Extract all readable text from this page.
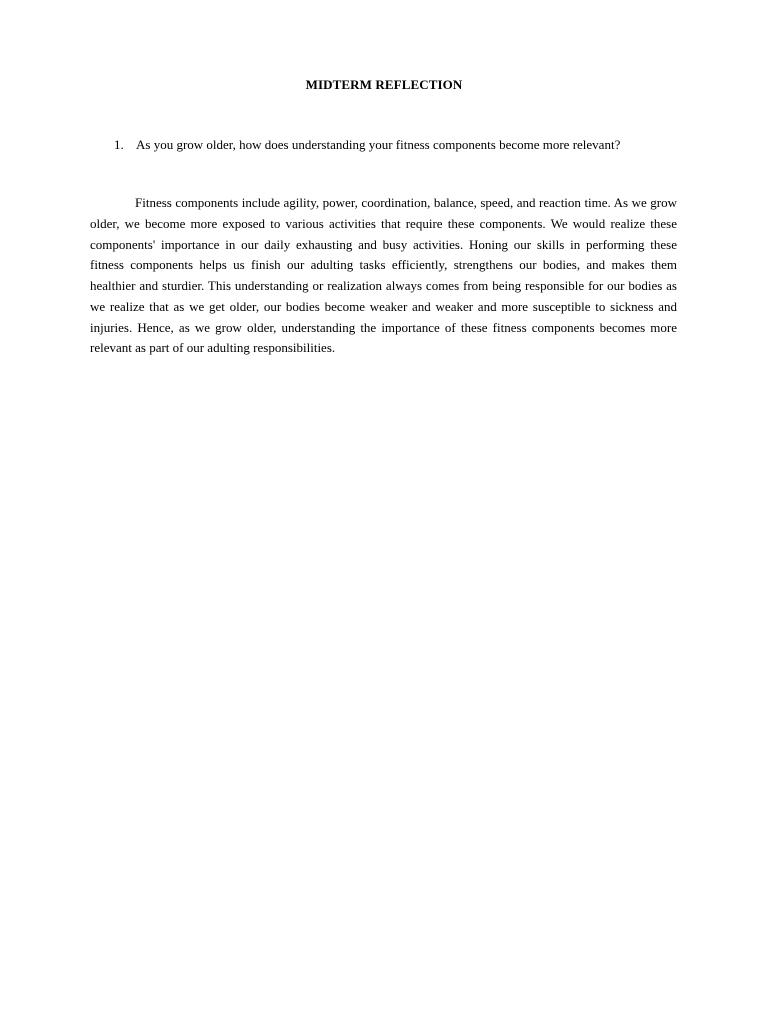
MIDTERM REFLECTION
1. As you grow older, how does understanding your fitness components become more relevant?

Fitness components include agility, power, coordination, balance, speed, and reaction time. As we grow older, we become more exposed to various activities that require these components. We would realize these components' importance in our daily exhausting and busy activities. Honing our skills in performing these fitness components helps us finish our adulting tasks efficiently, strengthens our bodies, and makes them healthier and sturdier. This understanding or realization always comes from being responsible for our bodies as we realize that as we get older, our bodies become weaker and weaker and more susceptible to sickness and injuries. Hence, as we grow older, understanding the importance of these fitness components becomes more relevant as part of our adulting responsibilities.
